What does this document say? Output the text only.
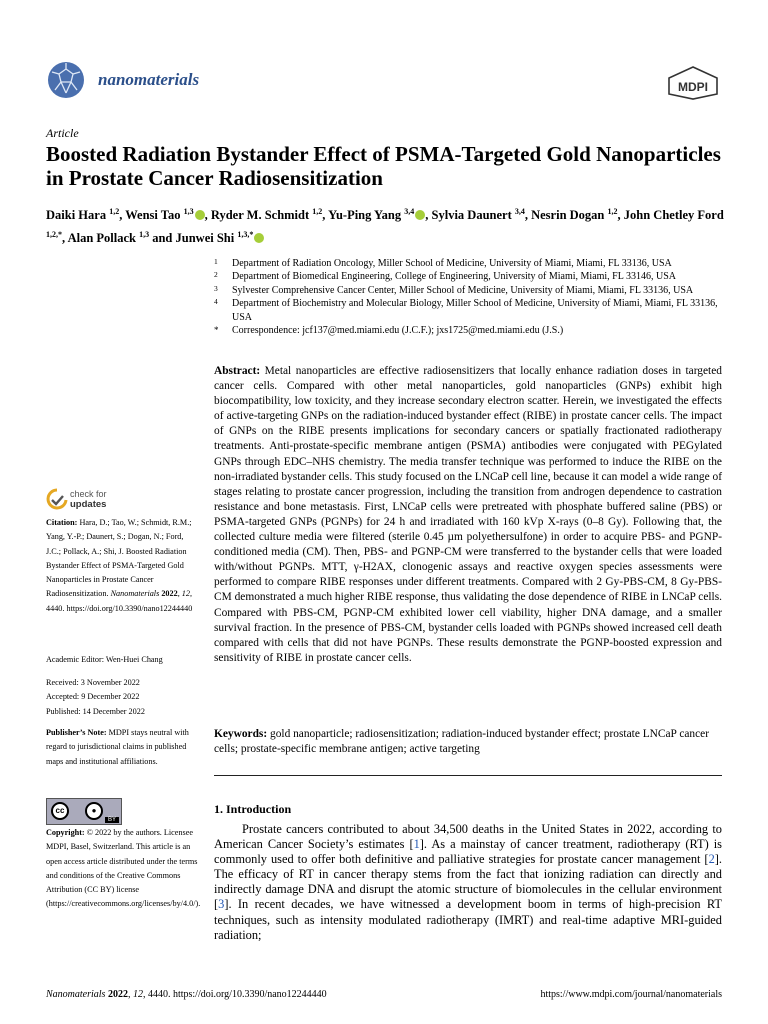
nanomaterials	MDPI
Article
Boosted Radiation Bystander Effect of PSMA-Targeted Gold Nanoparticles in Prostate Cancer Radiosensitization
Daiki Hara $^{1,2}$, Wensi Tao $^{1,3}$ , Ryder M. Schmidt $^{1,2}$, Yu-Ping Yang $^{3,4}$ , Sylvia Daunert $^{3,4}$, Nesrin Dogan $^{1,2}$, John Chetley Ford $^{1,2,*}$, Alan Pollack $^{1,3}$ and Junwei Shi $^{1,3,*}$
1 Department of Radiation Oncology, Miller School of Medicine, University of Miami, Miami, FL 33136, USA
2 Department of Biomedical Engineering, College of Engineering, University of Miami, Miami, FL 33146, USA
3 Sylvester Comprehensive Cancer Center, Miller School of Medicine, University of Miami, Miami, FL 33136, USA
4 Department of Biochemistry and Molecular Biology, Miller School of Medicine, University of Miami, Miami, FL 33136, USA
* Correspondence: jcf137@med.miami.edu (J.C.F.); jxs1725@med.miami.edu (J.S.)

Abstract: Metal nanoparticles are effective radiosensitizers that locally enhance radiation doses in targeted cancer cells. Compared with other metal nanoparticles, gold nanoparticles (GNPs) exhibit high biocompatibility, low toxicity, and they increase secondary electron scatter. Herein, we investigated the effects of active-targeting GNPs on the radiation-induced bystander effect (RIBE) in prostate cancer cells. The impact of GNPs on the RIBE presents implications for secondary cancers or spatially fractionated radiotherapy treatments. Anti-prostate-specific membrane antigen (PSMA) antibodies were conjugated with PEGylated GNPs through EDC–NHS chemistry. The media transfer technique was performed to induce the RIBE on the non-irradiated bystander cells. This study focused on the LNCaP cell line, because it can model a wide range of stages relating to prostate cancer progression, including the transition from androgen dependence to castration resistance and bone metastasis. First, LNCaP cells were pretreated with phosphate buffered saline (PBS) or PSMA-targeted GNPs (PGNPs) for 24 h and irradiated with 160 kVp X-rays (0–8 Gy). Following that, the collected culture media were filtered (sterile 0.45 µm polyethersulfone) in order to acquire PBS- and PGNP- conditioned media (CM). Then, PBS- and PGNP-CM were transferred to the bystander cells that were loaded with/without PGNPs. MTT, γ-H2AX, clonogenic assays and reactive oxygen species assessments were performed to compare RIBE responses under different treatments. Compared with 2 Gy-PBS-CM, 8 Gy-PBS-CM demonstrated a much higher RIBE response, thus validating the dose dependence of RIBE in LNCaP cells. Compared with PBS-CM, PGNP-CM exhibited lower cell viability, higher DNA damage, and a smaller survival fraction. In the presence of PBS-CM, bystander cells loaded with PGNPs showed increased cell death compared with cells that did not have PGNPs. These results demonstrate the PGNP-boosted expression and sensitivity of RIBE in prostate cancer cells.

Keywords: gold nanoparticle; radiosensitization; radiation-induced bystander effect; prostate LNCaP cancer cells; prostate-specific membrane antigen; active targeting

1. Introduction

Prostate cancers contributed to about 34,500 deaths in the United States in 2022, according to American Cancer Society’s estimates [1]. As a mainstay of cancer treatment, radiotherapy (RT) is commonly used to offer both definitive and palliative strategies for prostate cancer management [2]. The efficacy of RT in cancer therapy stems from the fact that ionizing radiation can directly and indirectly damage DNA and disrupt the atomic structure of biomolecules in the cellular environment [3]. In recent decades, we have witnessed a development boom in terms of high-precision RT techniques, such as intensity modulated radiotherapy (IMRT) and real-time adaptive MRI-guided radiation;

check for
updates
Citation: Hara, D.; Tao, W.; Schmidt, R.M.; Yang, Y.-P.; Daunert, S.; Dogan, N.; Ford, J.C.; Pollack, A.; Shi, J. Boosted Radiation Bystander Effect of PSMA-Targeted Gold Nanoparticles in Prostate Cancer Radiosensitization. Nanomaterials 2022, 12, 4440. https://doi.org/10.3390/nano12244440
Academic Editor: Wen-Huei Chang
Received: 3 November 2022
Accepted: 9 December 2022
Published: 14 December 2022
Publisher’s Note: MDPI stays neutral with regard to jurisdictional claims in published maps and institutional affiliations.
cc	●
BY
Copyright: © 2022 by the authors. Licensee MDPI, Basel, Switzerland. This article is an open access article distributed under the terms and conditions of the Creative Commons Attribution (CC BY) license (https://creativecommons.org/licenses/by/4.0/).
Nanomaterials 2022, 12, 4440. https://doi.org/10.3390/nano12244440	https://www.mdpi.com/journal/nanomaterials
